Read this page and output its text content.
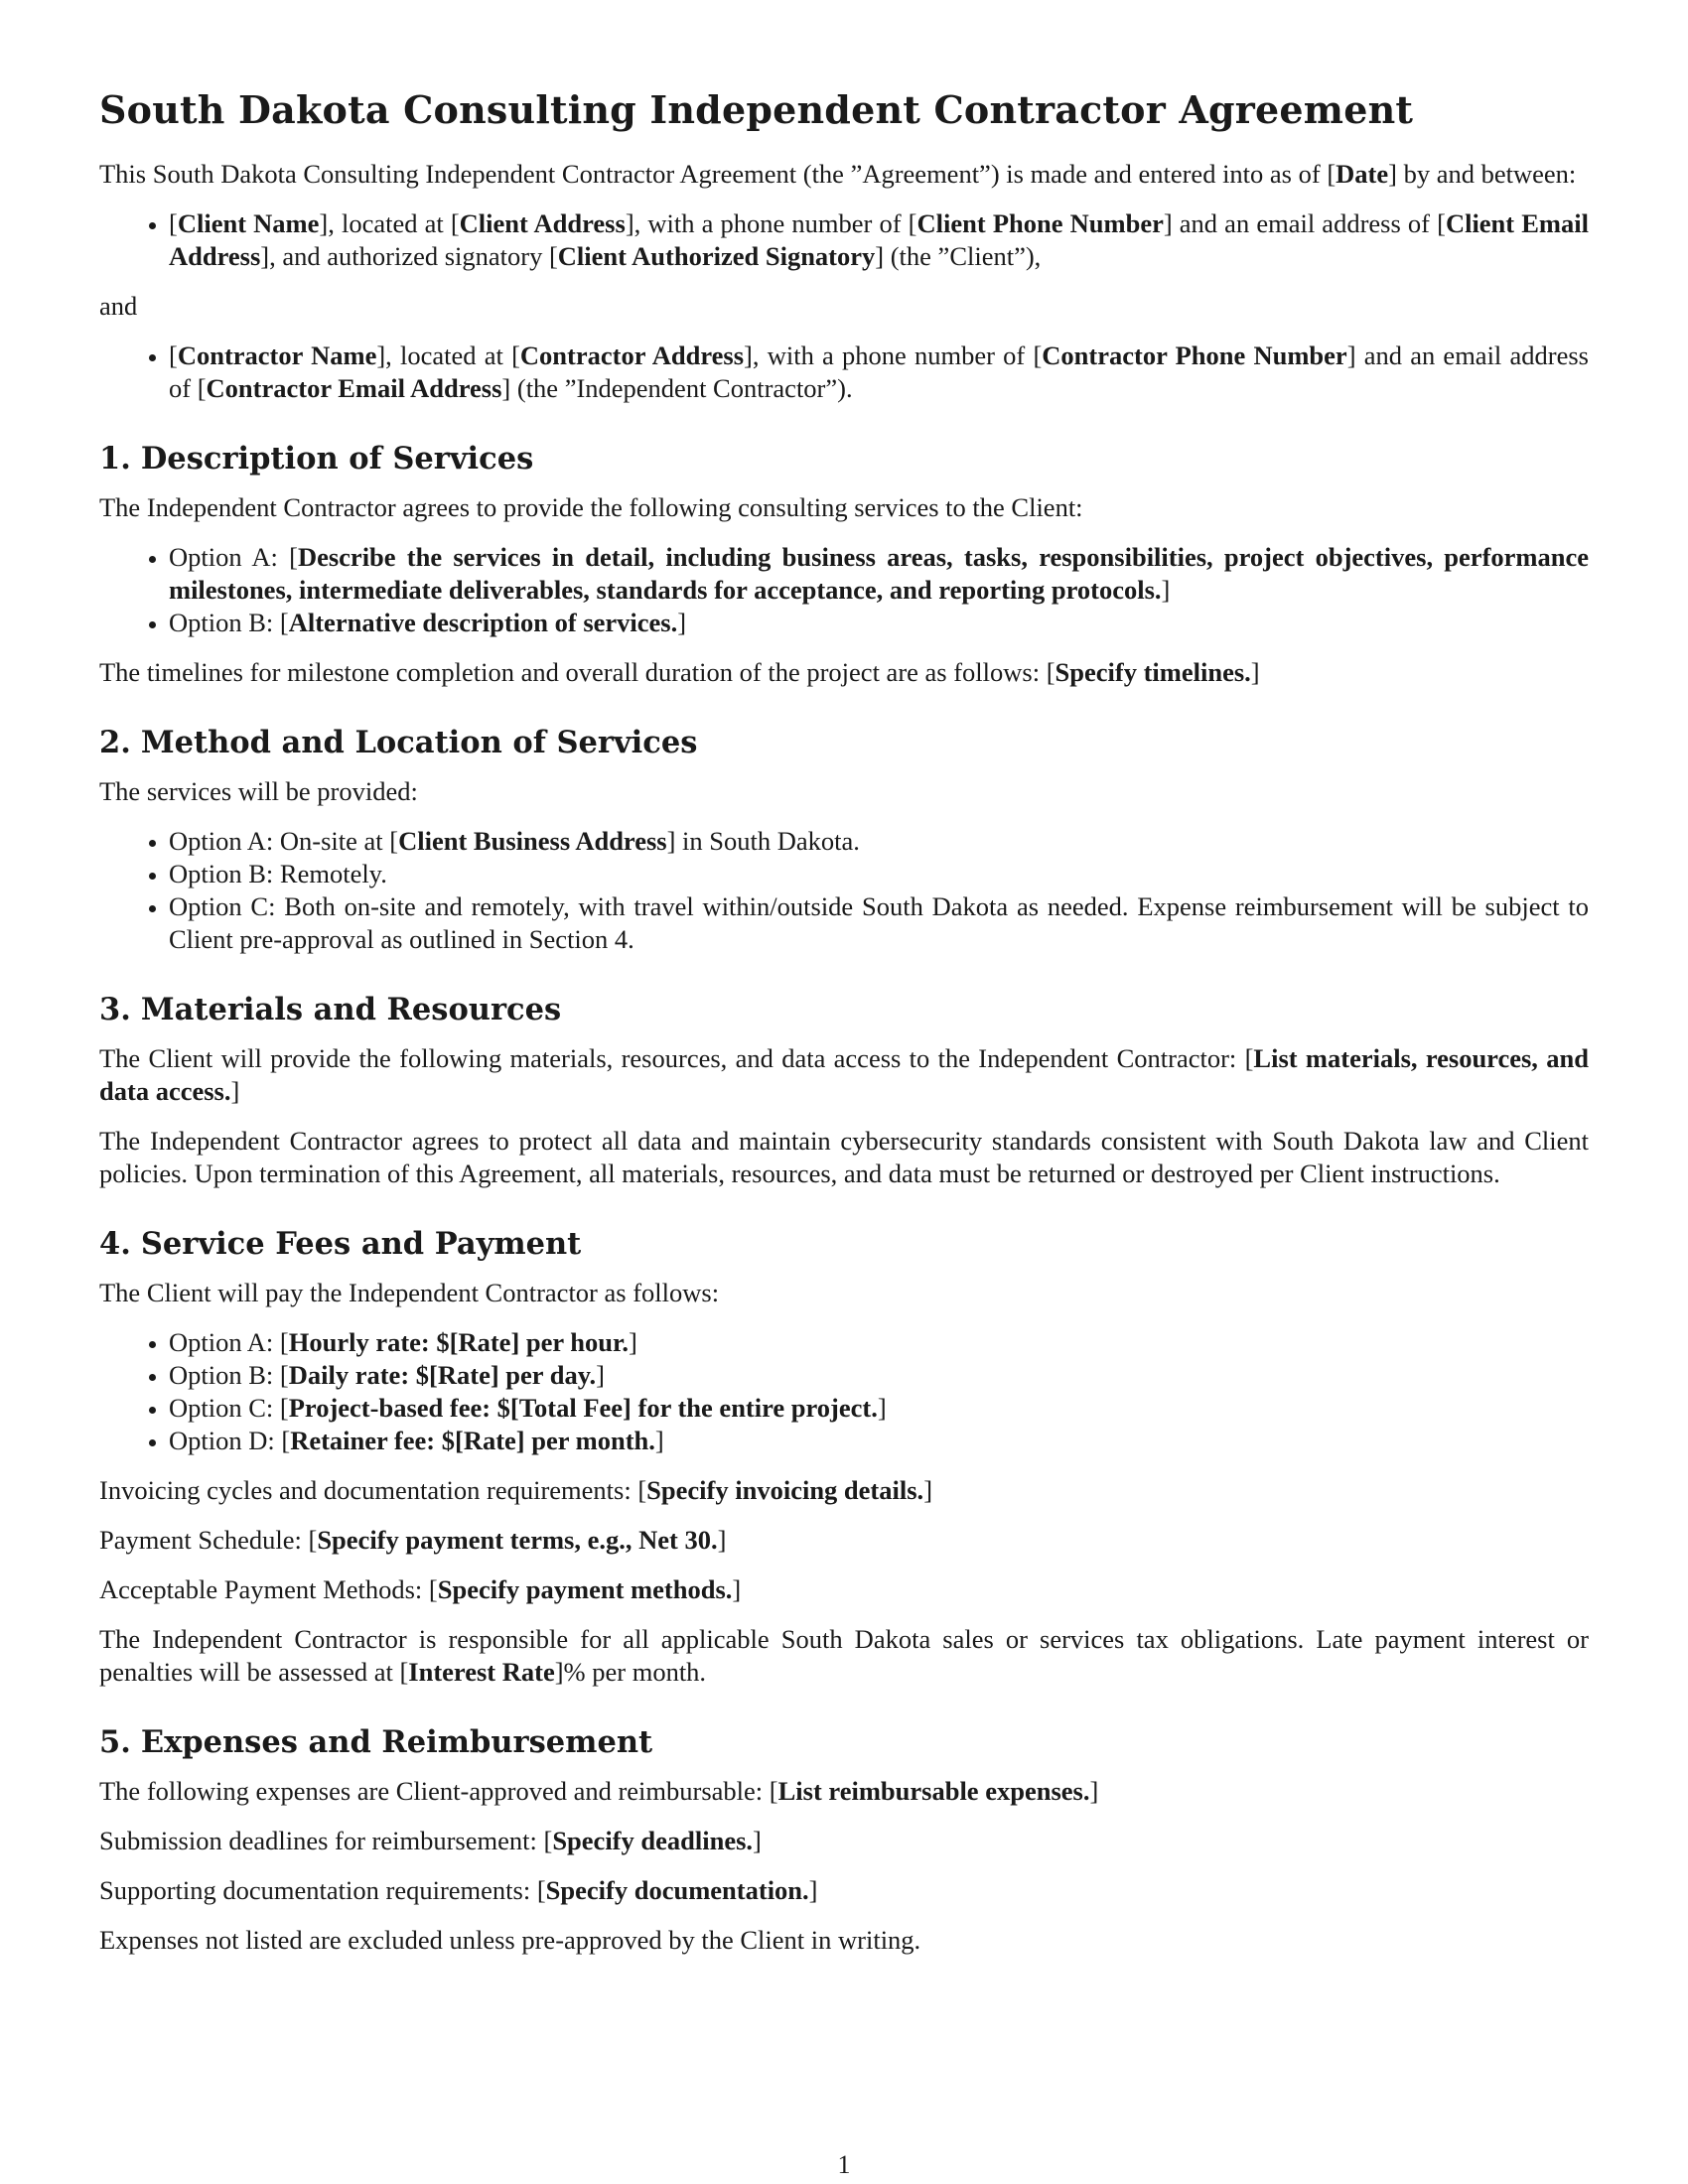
South Dakota Consulting Independent Contractor Agreement

This South Dakota Consulting Independent Contractor Agreement (the ”Agreement”) is made and entered into as of [Date] by and between:

• [Client Name], located at [Client Address], with a phone number of [Client Phone Number] and an email address of [Client Email Address], and authorized signatory [Client Authorized Signatory] (the ”Client”),

and

• [Contractor Name], located at [Contractor Address], with a phone number of [Contractor Phone Number] and an email address of [Contractor Email Address] (the ”Independent Contractor”).
1. Description of Services

The Independent Contractor agrees to provide the following consulting services to the Client:

• Option A: [Describe the services in detail, including business areas, tasks, responsibilities, project objectives, performance milestones, intermediate deliverables, standards for acceptance, and reporting protocols.]
• Option B: [Alternative description of services.]

The timelines for milestone completion and overall duration of the project are as follows: [Specify timelines.]

2. Method and Location of Services

The services will be provided:

• Option A: On-site at [Client Business Address] in South Dakota.
• Option B: Remotely.
• Option C: Both on-site and remotely, with travel within/outside South Dakota as needed. Expense reimbursement will be subject to Client pre-approval as outlined in Section 4.
3. Materials and Resources

The Client will provide the following materials, resources, and data access to the Independent Contractor: [List materials, resources, and data access.]

The Independent Contractor agrees to protect all data and maintain cybersecurity standards consistent with South Dakota law and Client policies. Upon termination of this Agreement, all materials, resources, and data must be returned or destroyed per Client instructions.

4. Service Fees and Payment

The Client will pay the Independent Contractor as follows:

• Option A: [Hourly rate: $[Rate] per hour.]
• Option B: [Daily rate: $[Rate] per day.]
• Option C: [Project-based fee: $[Total Fee] for the entire project.]
• Option D: [Retainer fee: $[Rate] per month.]

Invoicing cycles and documentation requirements: [Specify invoicing details.]

Payment Schedule: [Specify payment terms, e.g., Net 30.]

Acceptable Payment Methods: [Specify payment methods.]

The Independent Contractor is responsible for all applicable South Dakota sales or services tax obligations. Late payment interest or penalties will be assessed at [Interest Rate]% per month.

5. Expenses and Reimbursement

The following expenses are Client-approved and reimbursable: [List reimbursable expenses.]

Submission deadlines for reimbursement: [Specify deadlines.]

Supporting documentation requirements: [Specify documentation.]

Expenses not listed are excluded unless pre-approved by the Client in writing.

1
